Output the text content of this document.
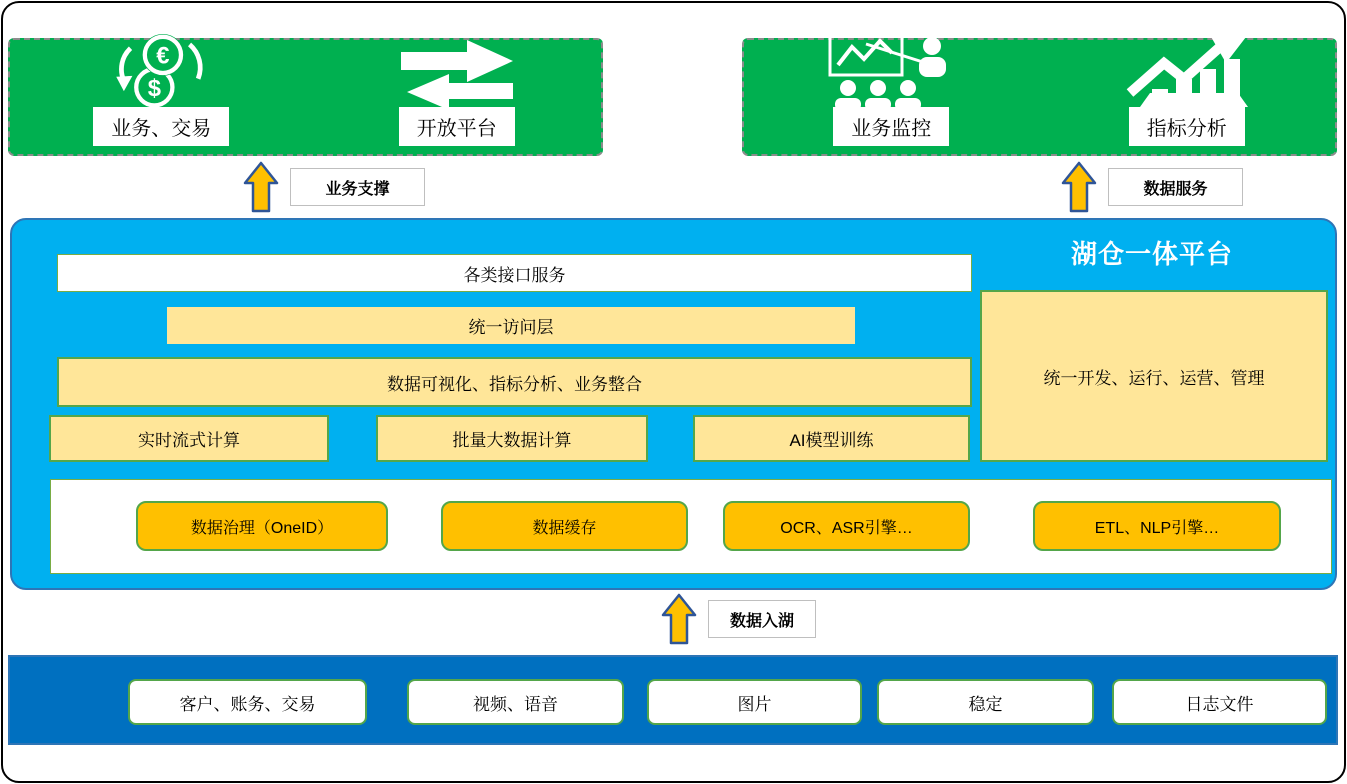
$
€
业务、交易	开放平台	业务监控	指标分析
业务支撑	数据服务
湖仓一体平台
各类接口服务
统一访问层
数据可视化、指标分析、业务整合
实时流式计算	批量大数据计算	AI模型训练
统一开发、运行、运营、管理
数据治理（OneID）	数据缓存	OCR、ASR引擎…	ETL、NLP引擎…
数据入湖
客户、账务、交易	视频、语音	图片	稳定	日志文件
